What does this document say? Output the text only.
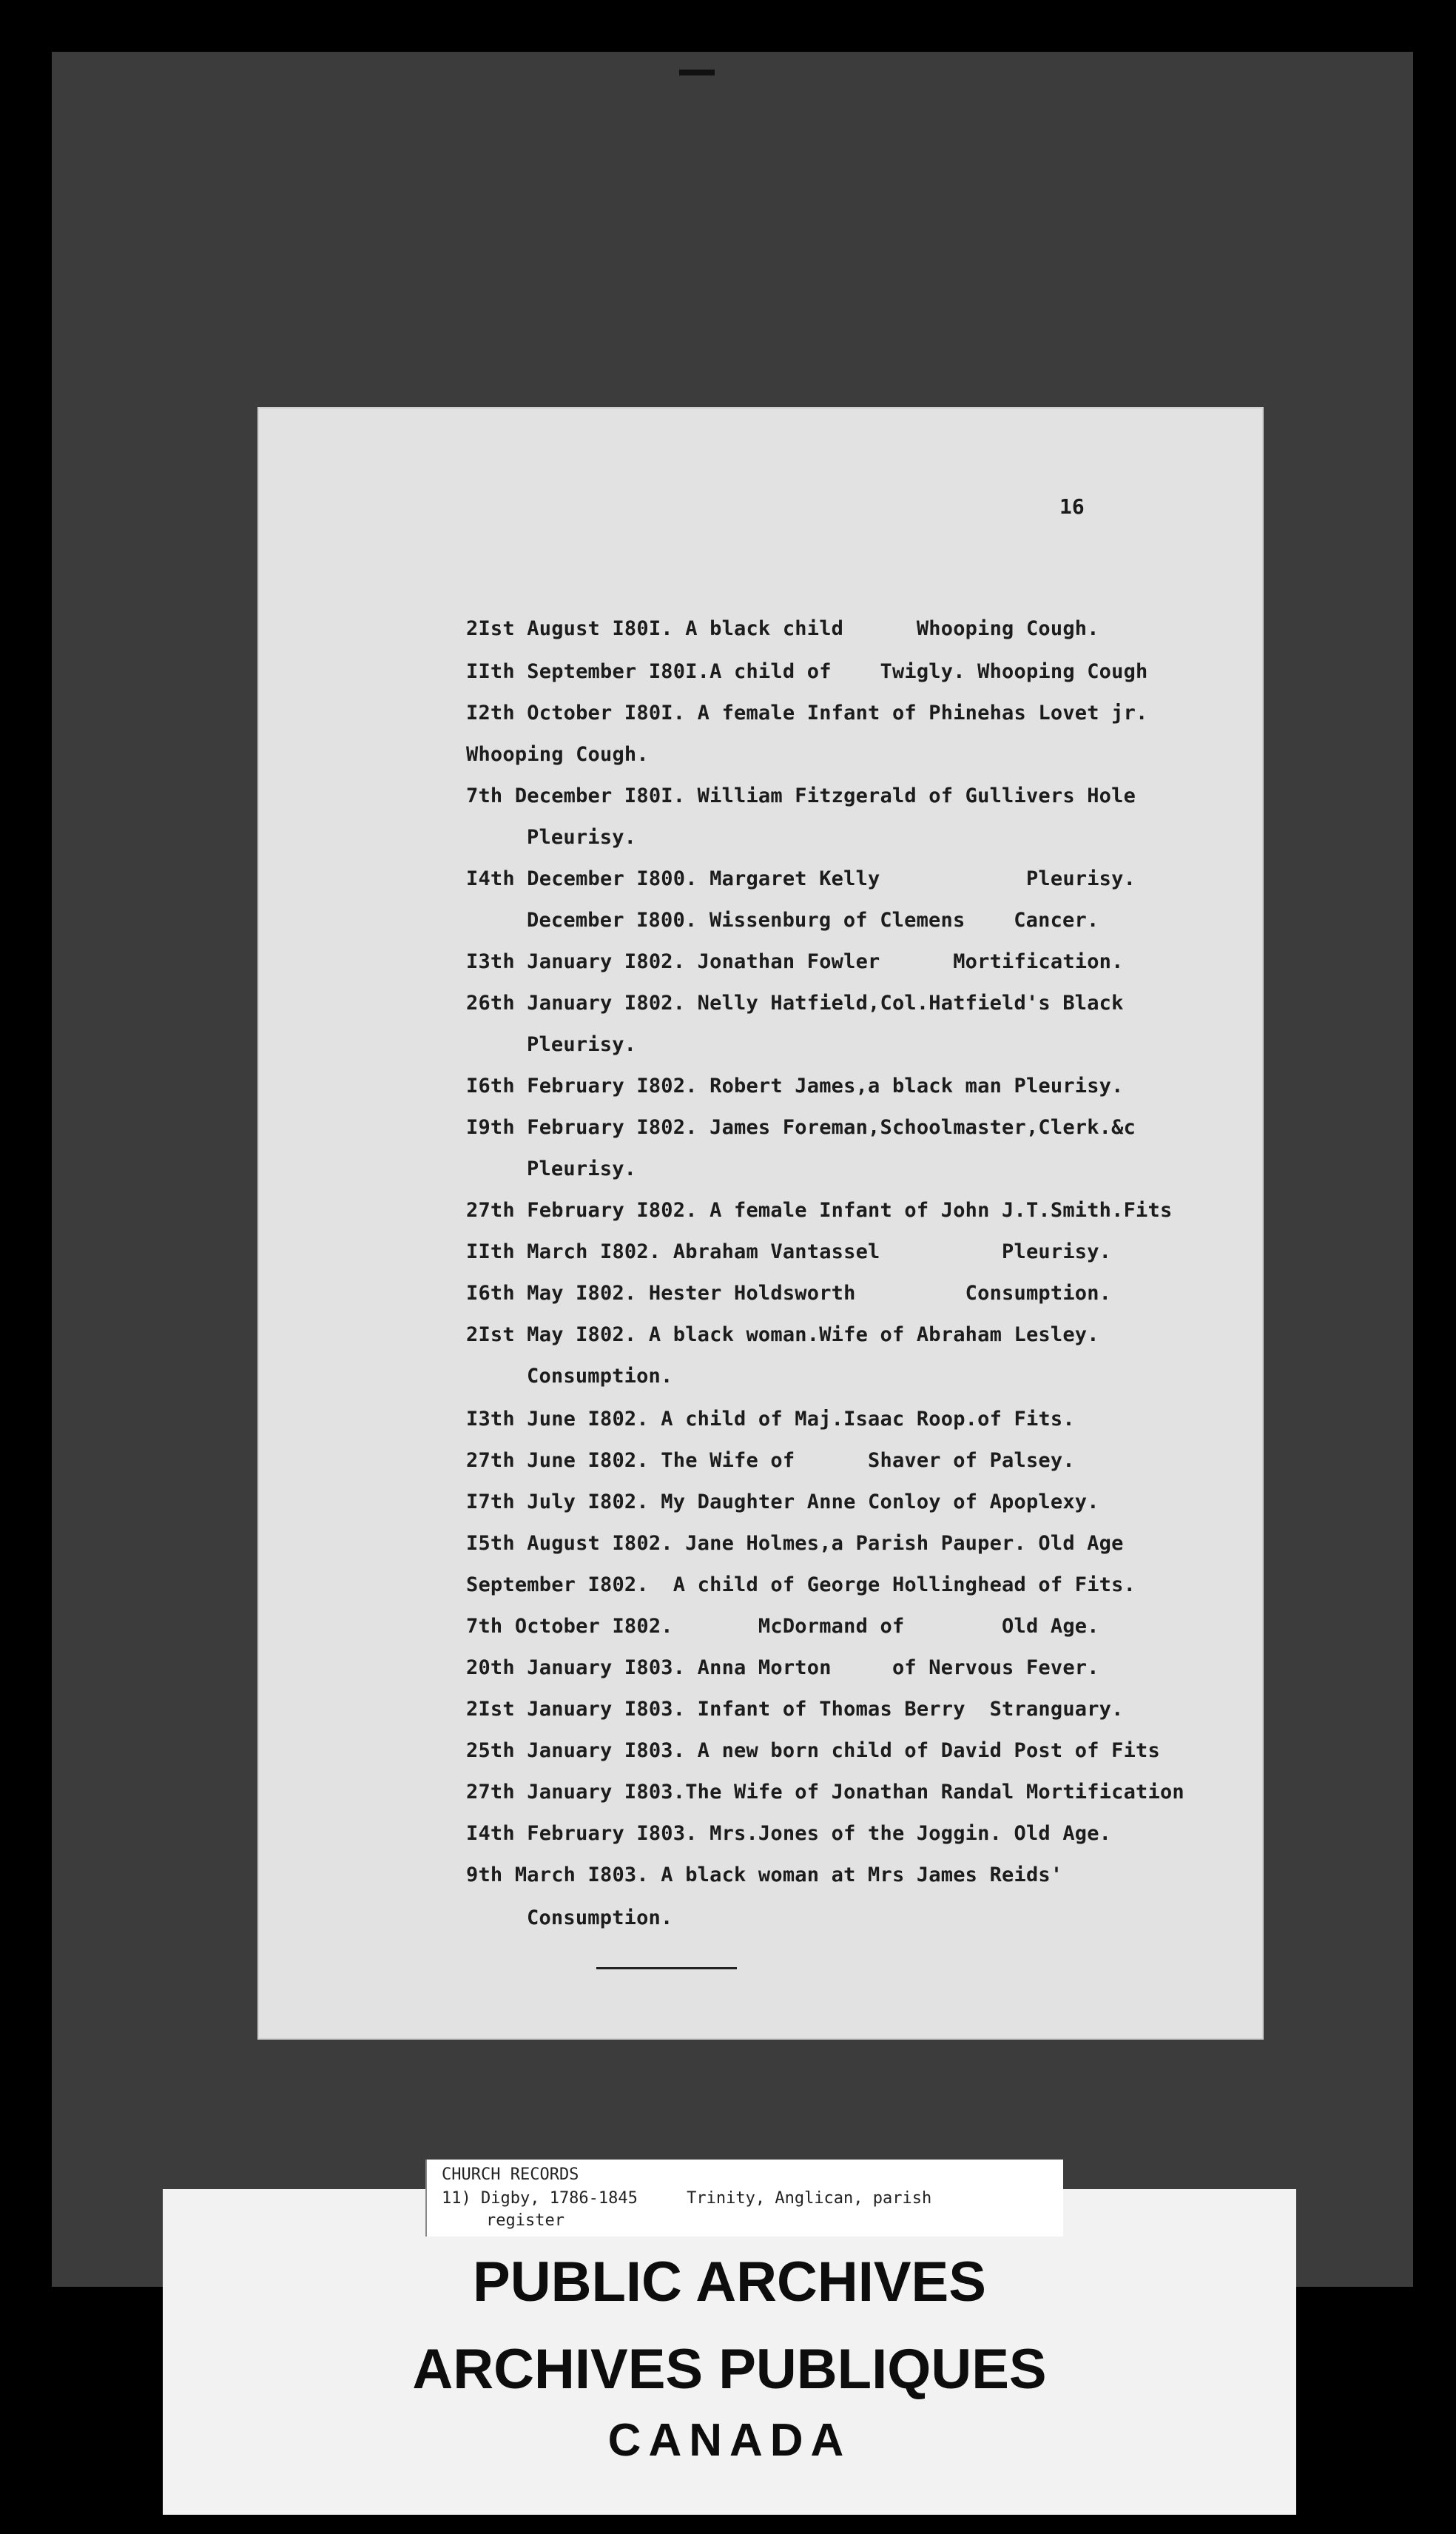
16
2Ist August I80I. A black child      Whooping Cough.
IIth September I80I.A child of    Twigly. Whooping Cough
I2th October I80I. A female Infant of Phinehas Lovet jr.
Whooping Cough.
7th December I80I. William Fitzgerald of Gullivers Hole
Pleurisy.
I4th December I800. Margaret Kelly            Pleurisy.
December I800. Wissenburg of Clemens    Cancer.
I3th January I802. Jonathan Fowler      Mortification.
26th January I802. Nelly Hatfield,Col.Hatfield's Black
Pleurisy.
I6th February I802. Robert James,a black man Pleurisy.
I9th February I802. James Foreman,Schoolmaster,Clerk.&c
Pleurisy.
27th February I802. A female Infant of John J.T.Smith.Fits
IIth March I802. Abraham Vantassel          Pleurisy.
I6th May I802. Hester Holdsworth         Consumption.
2Ist May I802. A black woman.Wife of Abraham Lesley.
Consumption.
I3th June I802. A child of Maj.Isaac Roop.of Fits.
27th June I802. The Wife of      Shaver of Palsey.
I7th July I802. My Daughter Anne Conloy of Apoplexy.
I5th August I802. Jane Holmes,a Parish Pauper. Old Age
September I802.  A child of George Hollinghead of Fits.
7th October I802.       McDormand of        Old Age.
20th January I803. Anna Morton     of Nervous Fever.
2Ist January I803. Infant of Thomas Berry  Stranguary.
25th January I803. A new born child of David Post of Fits
27th January I803.The Wife of Jonathan Randal Mortification
I4th February I803. Mrs.Jones of the Joggin. Old Age.
9th March I803. A black woman at Mrs James Reids'
Consumption.
CHURCH RECORDS
11) Digby, 1786-1845     Trinity, Anglican, parish
register
PUBLIC ARCHIVES
ARCHIVES PUBLIQUES
CANADA
